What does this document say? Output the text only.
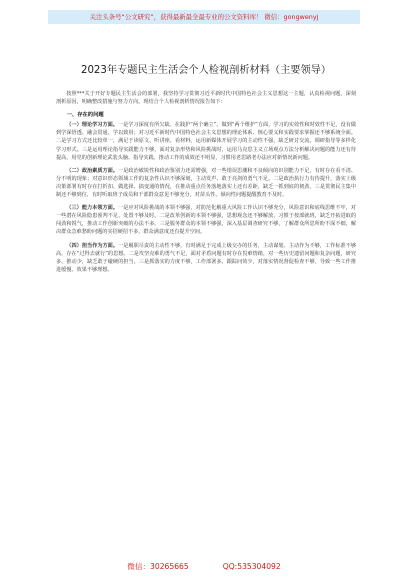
关注头条号“公文研究”，获得最新最全最专业的公文资料库！ 微信：gongwenyj
2023年专题民主生活会个人检视剖析材料（主要领导）

按照***关于开好专题民主生活会的部署，我坚持学习贯彻习近平新时代中国特色社会主义思想这一主题，认真检视问题，深刻剖析原因，明确整改措施与努力方向。现结合个人检视剖析情况报告如下：

一、存在的问题

（一）理论学习方面。一是学习深度有所欠缺。在践护“两个确立”、做到“两个维护”方面，学习的实效性和时效性不足，没有做到学深悟透、融会贯通、学以致用；对习近平新时代中国特色社会主义思想的理论体系、核心要义和实践要求掌握还不够系统全面。二是学习方式还比较单一，满足于读原文、听讲座、看材料，运用新媒体开展学习的主动性不强，缺乏研讨交流、调研指导等多样化学习形式。三是运用理论指导实践能力不够，面对复杂形势和风险挑战时，运用马克思主义立场观点方法分析解决问题的能力还有待提高，用党的创新理论武装头脑、指导实践、推动工作的成效还不明显，习惯用老思路老办法应对新情况新问题。

（二）政治素质方面。一是政治敏锐性和政治鉴别力还需增强，对一些错误思潮和不良倾向的识别能力不足，有时存在看不清、分不明的现象；对意识形态领域工作的复杂性认识不够深刻，主动发声、敢于亮剑的勇气不足。二是政治执行力有待提升，落实上级决策部署有时存在打折扣、做选择、搞变通的情况，在推动重点任务落地落实上还有差距，缺乏一抓到底的韧劲。三是贯彻民主集中制还不够到位，有时听取班子成员和干部群众意见不够充分，对苗头性、倾向性问题提醒教育不及时。

（三）能力本领方面。一是应对风险挑战的本领不够强，对防范化解重大风险工作认识不够充分，风险意识和底线思维不牢，对一些潜在风险隐患预判不足、处置不够及时。二是改革创新的本领不够强，思想观念还不够解放，习惯于按部就班，缺乏开拓进取的闯劲和锐气，推动工作创新突破的办法不多。三是服务群众的本领不够强，深入基层调查研究不够，了解群众所思所盼不深不细，解决群众急难愁盼问题的实招硬招不多，群众满意度还有提升空间。

（四）担当作为方面。一是履职尽责的主动性不够，有时满足于完成上级交办的任务，主动谋划、主动作为不够，工作标准不够高，存在“过得去就行”的思想。二是攻坚克难的勇气不足，面对矛盾问题有时存在畏难情绪，对一些历史遗留问题和复杂问题，研究多、推动少，缺乏敢于碰硬的担当。三是抓落实的力度不够，工作部署多、跟踪问效少，对落实情况督促检查不够，导致一些工作推进缓慢、效果不够理想。

微信：30265665	QQ:535304092
